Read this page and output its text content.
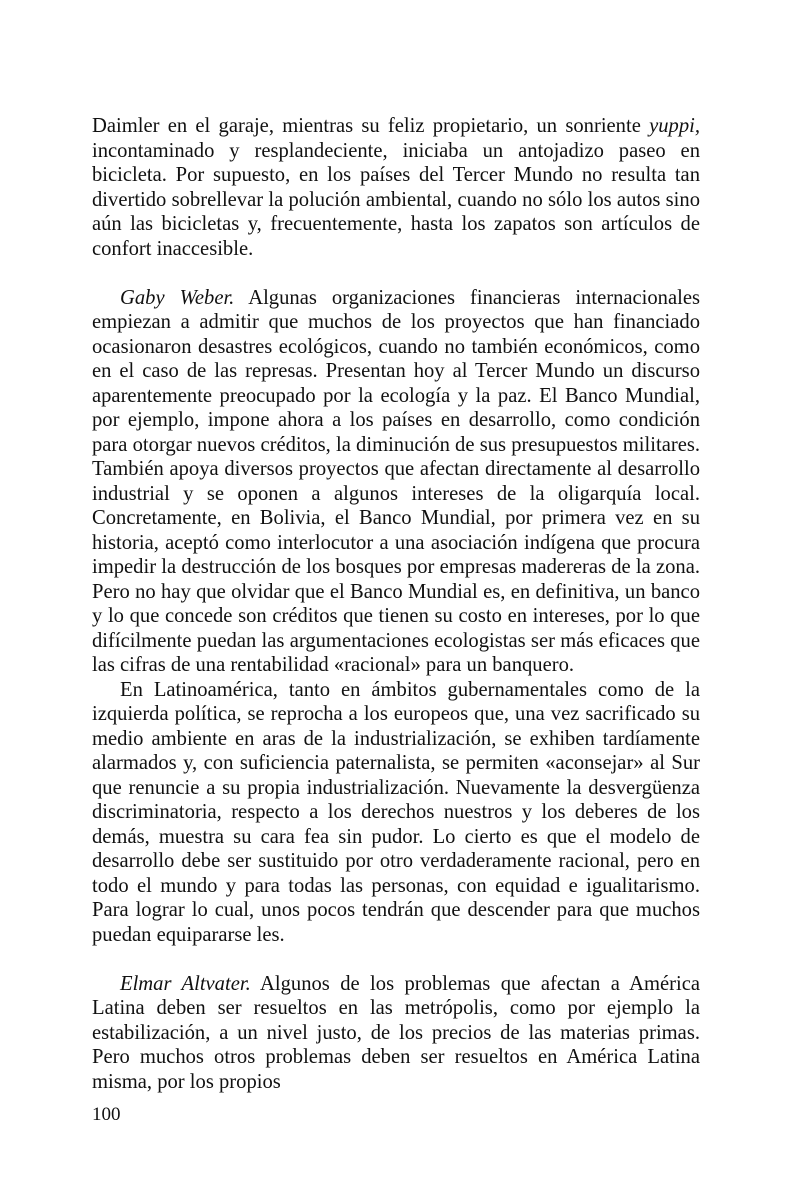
Daimler en el garaje, mientras su feliz propietario, un sonriente yuppi, incontaminado y resplandeciente, iniciaba un antojadizo paseo en bicicleta. Por supuesto, en los países del Tercer Mundo no resulta tan divertido sobrellevar la polución ambiental, cuando no sólo los autos sino aún las bicicletas y, frecuentemente, hasta los zapatos son artículos de confort inaccesible.

Gaby Weber. Algunas organizaciones financieras internacionales empiezan a admitir que muchos de los proyectos que han financiado ocasionaron desastres ecológicos, cuando no también económicos, como en el caso de las represas. Presentan hoy al Tercer Mundo un discurso aparentemente preocupado por la ecología y la paz. El Banco Mundial, por ejemplo, impone ahora a los países en desarrollo, como condición para otorgar nuevos créditos, la diminución de sus presupuestos militares. También apoya diversos proyectos que afectan directamente al desarrollo industrial y se oponen a algunos intereses de la oligarquía local. Concretamente, en Bolivia, el Banco Mundial, por primera vez en su historia, aceptó como interlocutor a una asociación indígena que procura impedir la destrucción de los bosques por empresas madereras de la zona. Pero no hay que olvidar que el Banco Mundial es, en definitiva, un banco y lo que concede son créditos que tienen su costo en intereses, por lo que difícilmente puedan las argumentaciones ecologistas ser más eficaces que las cifras de una rentabilidad «racional» para un banquero.

En Latinoamérica, tanto en ámbitos gubernamentales como de la izquierda política, se reprocha a los europeos que, una vez sacrificado su medio ambiente en aras de la industrialización, se exhiben tardíamente alarmados y, con suficiencia paternalista, se permiten «aconsejar» al Sur que renuncie a su propia industrialización. Nuevamente la desvergüenza discriminatoria, respecto a los derechos nuestros y los deberes de los demás, muestra su cara fea sin pudor. Lo cierto es que el modelo de desarrollo debe ser sustituido por otro verdaderamente racional, pero en todo el mundo y para todas las personas, con equidad e igualitarismo. Para lograr lo cual, unos pocos tendrán que descender para que muchos puedan equipararse les.

Elmar Altvater. Algunos de los problemas que afectan a América Latina deben ser resueltos en las metrópolis, como por ejemplo la estabilización, a un nivel justo, de los precios de las materias primas. Pero muchos otros problemas deben ser resueltos en América Latina misma, por los propios

100
